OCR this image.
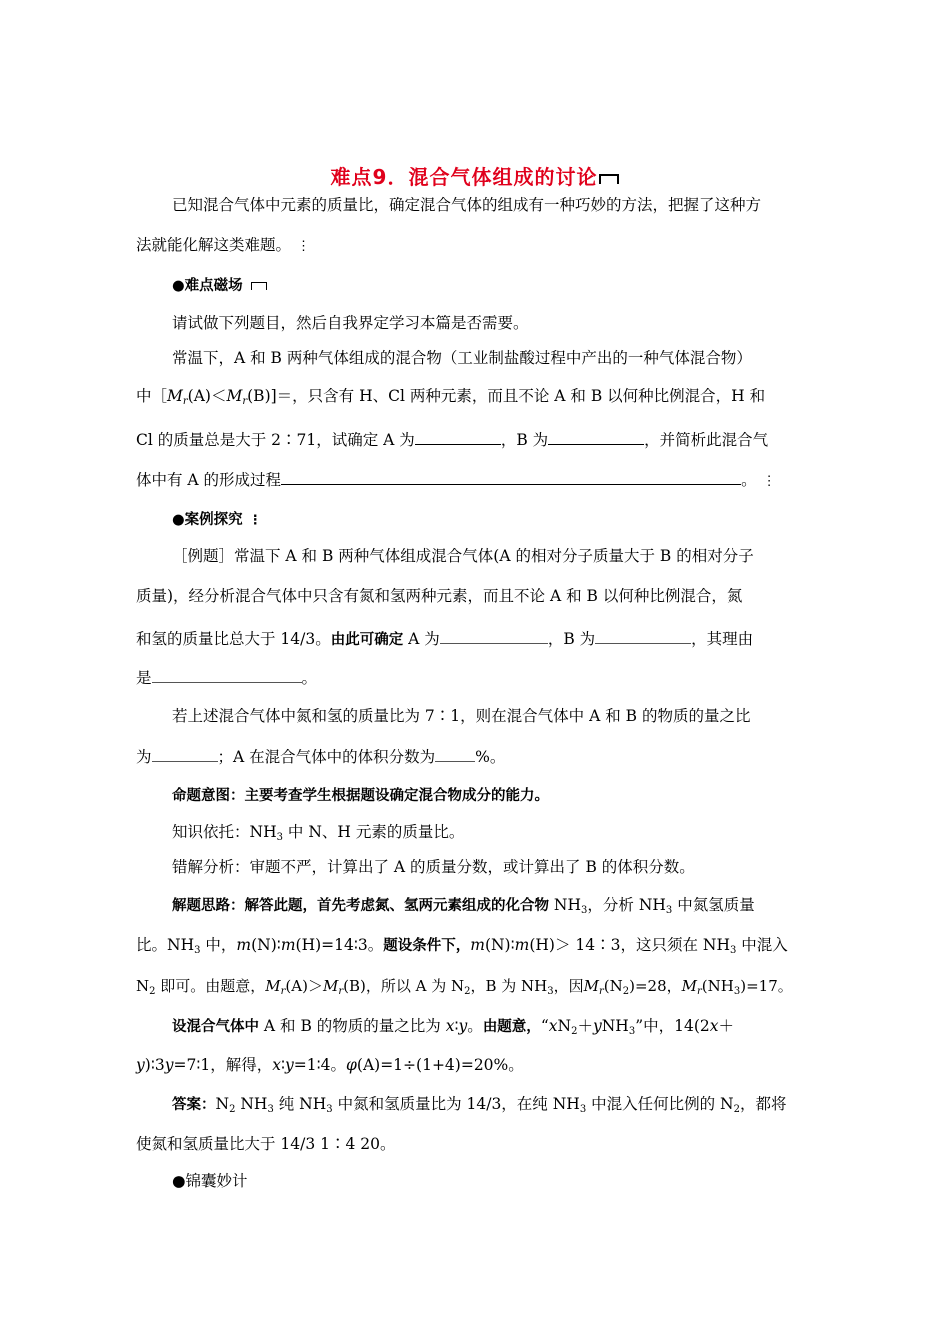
难点9．混合气体组成的讨论
已知混合气体中元素的质量比，确定混合气体的组成有一种巧妙的方法，把握了这种方
法就能化解这类难题。⋮
●难点磁场
请试做下列题目，然后自我界定学习本篇是否需要。
常温下，A 和 B 两种气体组成的混合物（工业制盐酸过程中产出的一种气体混合物）
中$[M_r(A)<M_r(B)]=$，只含有 H、Cl 两种元素，而且不论 A 和 B 以何种比例混合，H 和
Cl 的质量总是大于 2∶71，试确定 A 为	，B 为	，并简析此混合气
体中有 A 的形成过程	。⋮
●案例探究⋮
［例题］常温下 A 和 B 两种气体组成混合气体(A 的相对分子质量大于 B 的相对分子
质量)，经分析混合气体中只含有氮和氢两种元素，而且不论 A 和 B 以何种比例混合，氮
和氢的质量比总大于 14/3。由此可确定 A 为	，B 为	，其理由
是	。
若上述混合气体中氮和氢的质量比为 7∶1，则在混合气体中 A 和 B 的物质的量之比
为	；A 在混合气体中的体积分数为	%。
命题意图：主要考查学生根据题设确定混合物成分的能力。
知识依托：$NH_3$ 中 N、H 元素的质量比。
错解分析：审题不严，计算出了 A 的质量分数，或计算出了 B 的体积分数。
解题思路：解答此题，首先考虑氮、氢两元素组成的化合物 $NH_3$，分析 $NH_3$ 中氮氢质量
比。$NH_3$ 中，m(N)∶m(H)=14∶3。题设条件下，m(N)∶m(H)＞ 14∶3，这只须在 $NH_3$ 中混入
$N_2$ 即可。由题意，$M_r(A)>M_r(B)$，所以 A 为 $N_2$，B 为 $NH_3$，因$M_r(N_2)=28$，$M_r(NH_3)=17$。
设混合气体中 A 和 B 的物质的量之比为 x∶y。由题意，“$xN_2+yNH_3$”中，14(2x＋
y)∶3y=7∶1，解得，x∶y=1∶4。φ(A)=1÷(1+4)=20%。
答案：$N_2$ $NH_3$ 纯 $NH_3$ 中氮和氢质量比为 14/3，在纯 $NH_3$ 中混入任何比例的 $N_2$，都将
使氮和氢质量比大于 14/3 1∶4 20。
●锦囊妙计
